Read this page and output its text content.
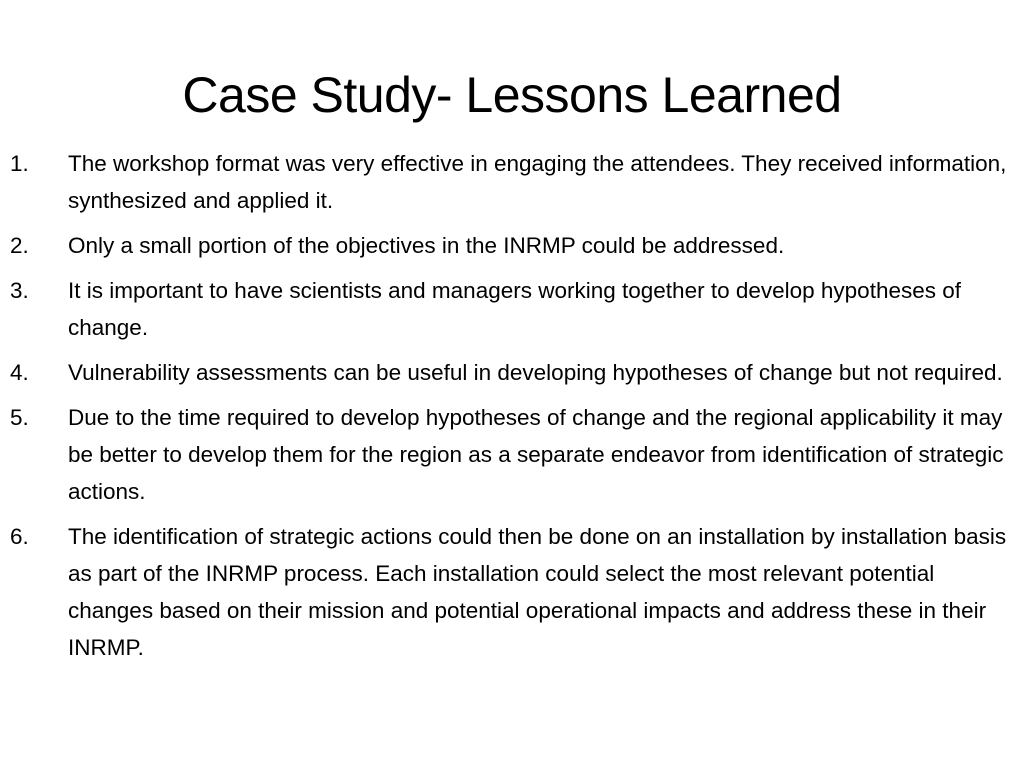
Case Study- Lessons Learned
1. The workshop format was very effective in engaging the attendees. They received information, synthesized and applied it.
2. Only a small portion of the objectives in the INRMP could be addressed.
3. It is important to have scientists and managers working together to develop hypotheses of change.
4. Vulnerability assessments can be useful in developing hypotheses of change but not required.
5. Due to the time required to develop hypotheses of change and the regional applicability it may be better to develop them for the region as a separate endeavor from identification of strategic actions.
6. The identification of strategic actions could then be done on an installation by installation basis as part of the INRMP process. Each installation could select the most relevant potential changes based on their mission and potential operational impacts and address these in their INRMP.
